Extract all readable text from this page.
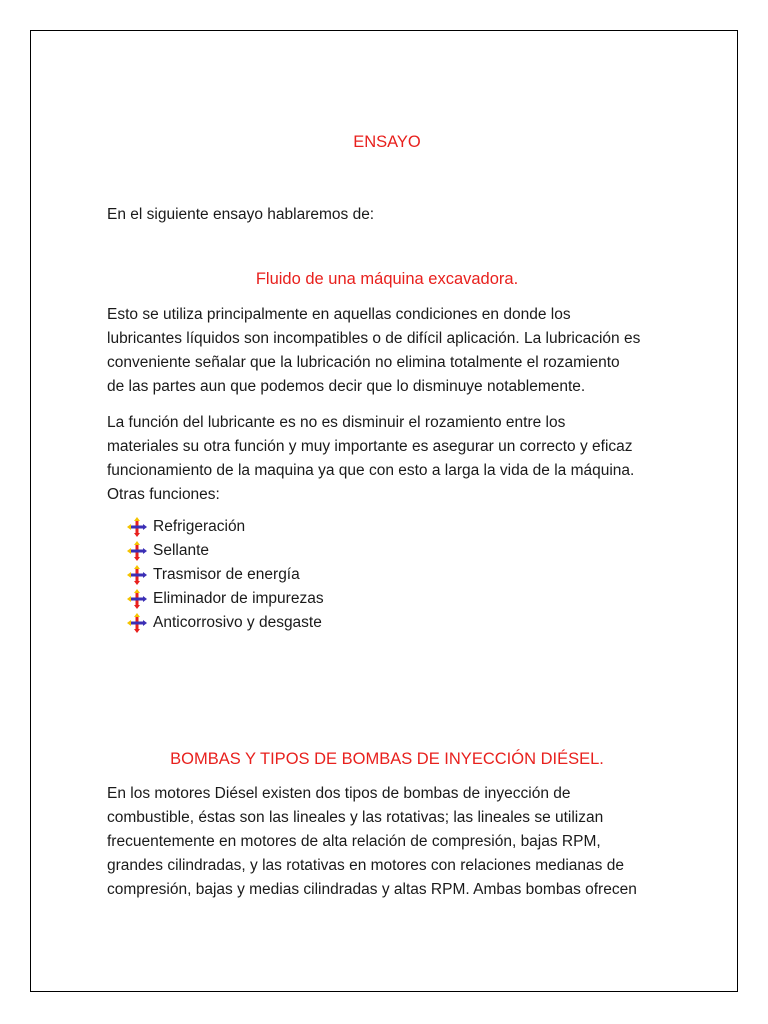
ENSAYO

En el siguiente ensayo hablaremos de:

Fluido de una máquina excavadora.

Esto se utiliza principalmente en aquellas condiciones en donde los
lubricantes líquidos son incompatibles o de difícil aplicación. La lubricación es
conveniente señalar que la lubricación no elimina totalmente el rozamiento
de las partes aun que podemos decir que lo disminuye notablemente.

La función del lubricante es no es disminuir el rozamiento entre los
materiales su otra función y muy importante es asegurar un correcto y eficaz
funcionamiento de la maquina ya que con esto a larga la vida de la máquina.
Otras funciones:

Refrigeración
Sellante
Trasmisor de energía
Eliminador de impurezas
Anticorrosivo y desgaste
BOMBAS Y TIPOS DE BOMBAS DE INYECCIÓN DIÉSEL.

En los motores Diésel existen dos tipos de bombas de inyección de
combustible, éstas son las lineales y las rotativas; las lineales se utilizan
frecuentemente en motores de alta relación de compresión, bajas RPM,
grandes cilindradas, y las rotativas en motores con relaciones medianas de
compresión, bajas y medias cilindradas y altas RPM. Ambas bombas ofrecen
